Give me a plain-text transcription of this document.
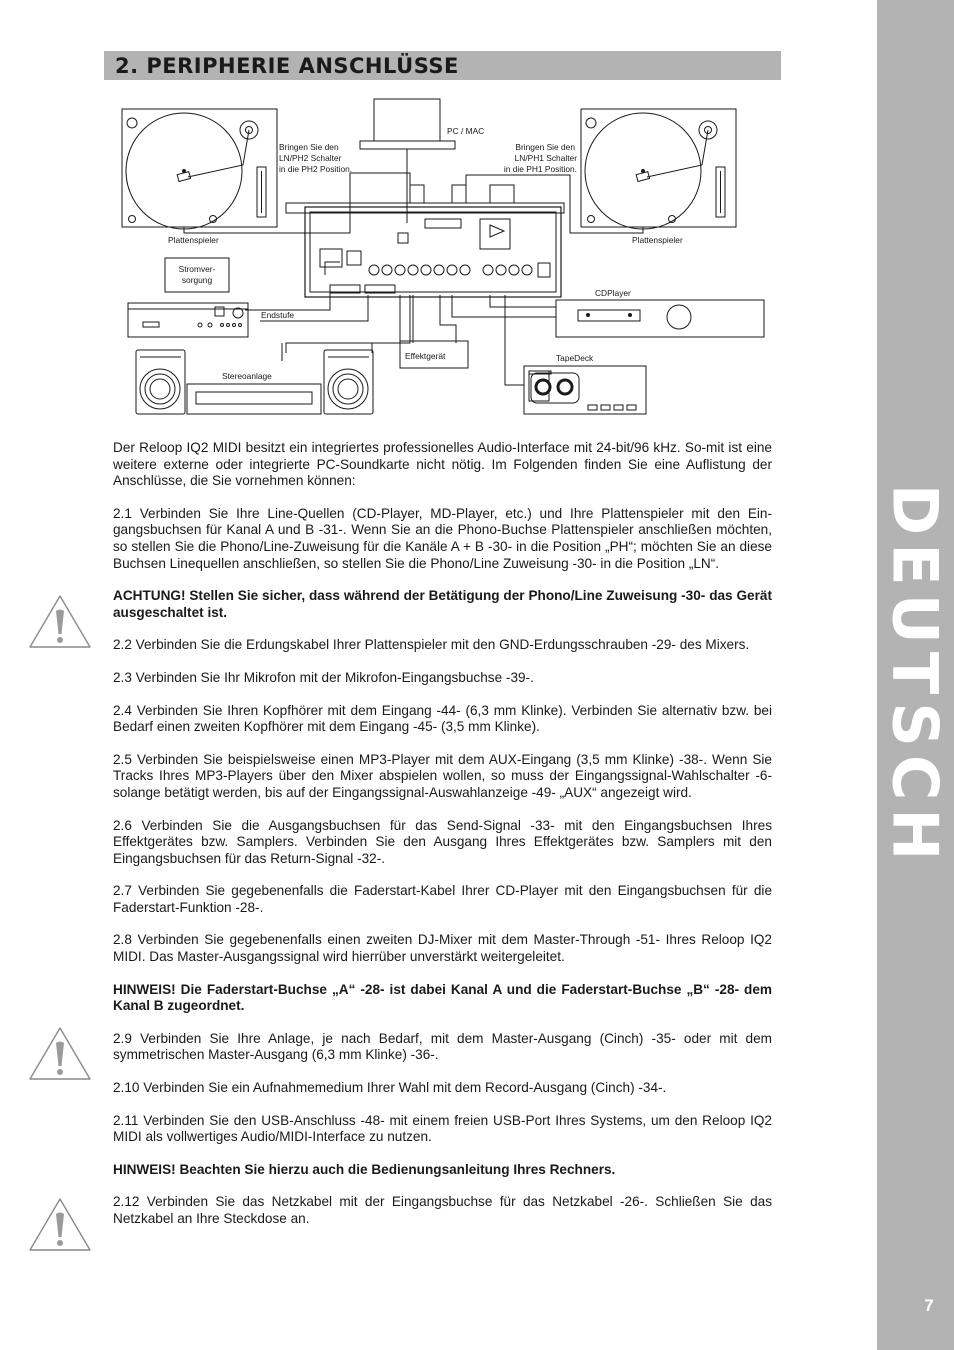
DEUTSCH
7
2. PERIPHERIE ANSCHLÜSSE
PC / MAC
Bringen Sie den
LN/PH2 Schalter
in die PH2 Position.
Bringen Sie den
LN/PH1 Schalter
in die PH1 Position.
Plattenspieler	Plattenspieler
Stromver-
sorgung
Endstufe
CDPlayer
Effektgerät
Stereoanlage
TapeDeck

Der Reloop IQ2 MIDI besitzt ein integriertes professionelles Audio-Interface mit 24-bit/96 kHz. So-mit ist eine weitere externe oder integrierte PC-Soundkarte nicht nötig. Im Folgenden finden Sie eine Auflistung der Anschlüsse, die Sie vornehmen können:

2.1 Verbinden Sie Ihre Line-Quellen (CD-Player, MD-Player, etc.) und Ihre Plattenspieler mit den Ein-gangsbuchsen für Kanal A und B -31-. Wenn Sie an die Phono-Buchse Plattenspieler anschließen möchten, so stellen Sie die Phono/Line-Zuweisung für die Kanäle A + B -30- in die Position „PH“; möchten Sie an diese Buchsen Linequellen anschließen, so stellen Sie die Phono/Line Zuweisung -30- in die Position „LN“.

ACHTUNG! Stellen Sie sicher, dass während der Betätigung der Phono/Line Zuweisung -30- das Gerät ausgeschaltet ist.

2.2 Verbinden Sie die Erdungskabel Ihrer Plattenspieler mit den GND-Erdungsschrauben -29- des Mixers.

2.3 Verbinden Sie Ihr Mikrofon mit der Mikrofon-Eingangsbuchse -39-.

2.4 Verbinden Sie Ihren Kopfhörer mit dem Eingang -44- (6,3 mm Klinke). Verbinden Sie alternativ bzw. bei Bedarf einen zweiten Kopfhörer mit dem Eingang -45- (3,5 mm Klinke).

2.5 Verbinden Sie beispielsweise einen MP3-Player mit dem AUX-Eingang (3,5 mm Klinke) -38-. Wenn Sie Tracks Ihres MP3-Players über den Mixer abspielen wollen, so muss der Eingangssignal-Wahlschalter -6- solange betätigt werden, bis auf der Eingangssignal-Auswahlanzeige -49- „AUX“ angezeigt wird.

2.6 Verbinden Sie die Ausgangsbuchsen für das Send-Signal -33- mit den Eingangsbuchsen Ihres Effektgerätes bzw. Samplers. Verbinden Sie den Ausgang Ihres Effektgerätes bzw. Samplers mit den Eingangsbuchsen für das Return-Signal -32-.

2.7 Verbinden Sie gegebenenfalls die Faderstart-Kabel Ihrer CD-Player mit den Eingangsbuchsen für die Faderstart-Funktion -28-.

2.8 Verbinden Sie gegebenenfalls einen zweiten DJ-Mixer mit dem Master-Through -51- Ihres Reloop IQ2 MIDI. Das Master-Ausgangssignal wird hierrüber unverstärkt weitergeleitet.

HINWEIS! Die Faderstart-Buchse „A“ -28- ist dabei Kanal A und die Faderstart-Buchse „B“ -28- dem Kanal B zugeordnet.

2.9 Verbinden Sie Ihre Anlage, je nach Bedarf, mit dem Master-Ausgang (Cinch) -35- oder mit dem symmetrischen Master-Ausgang (6,3 mm Klinke) -36-.

2.10 Verbinden Sie ein Aufnahmemedium Ihrer Wahl mit dem Record-Ausgang (Cinch) -34-.

2.11 Verbinden Sie den USB-Anschluss -48- mit einem freien USB-Port Ihres Systems, um den Reloop IQ2 MIDI als vollwertiges Audio/MIDI-Interface zu nutzen.

HINWEIS! Beachten Sie hierzu auch die Bedienungsanleitung Ihres Rechners.

2.12 Verbinden Sie das Netzkabel mit der Eingangsbuchse für das Netzkabel -26-. Schließen Sie das Netzkabel an Ihre Steckdose an.
